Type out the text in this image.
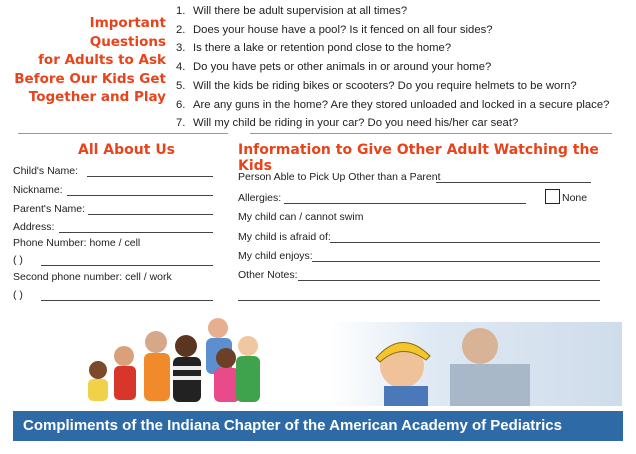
Important Questions
for Adults to Ask
Before Our Kids Get
Together and Play
1. Will there be adult supervision at all times?
2. Does your house have a pool? Is it fenced on all four sides?
3. Is there a lake or retention pond close to the home?
4. Do you have pets or other animals in or around your home?
5. Will the kids be riding bikes or scooters? Do you require helmets to be worn?
6. Are any guns in the home? Are they stored unloaded and locked in a secure place?
7. Will my child be riding in your car? Do you need his/her car seat?
All About Us
Child's Name:
Nickname:
Parent's Name:
Address:
Phone Number: home / cell
( )
Second phone number: cell / work
( )
Information to Give Other Adult Watching the Kids
Person Able to Pick Up Other than a Parent
Allergies:
My child can / cannot swim
My child is afraid of:
My child enjoys:
Other Notes:
None
Compliments of the Indiana Chapter of the American Academy of Pediatrics
